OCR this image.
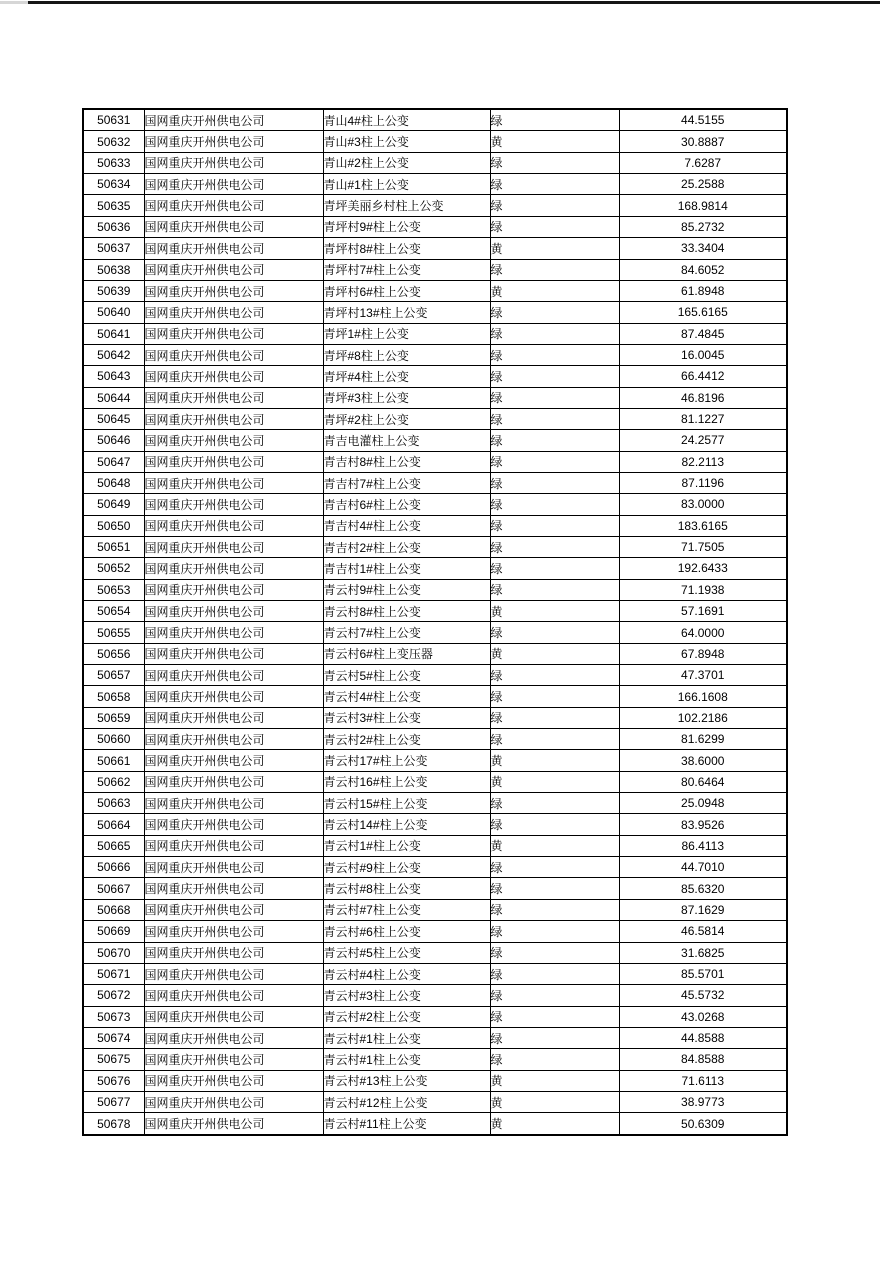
50631	国网重庆开州供电公司	青山4#柱上公变	绿	44.5155
50632	国网重庆开州供电公司	青山#3柱上公变	黄	30.8887
50633	国网重庆开州供电公司	青山#2柱上公变	绿	7.6287
50634	国网重庆开州供电公司	青山#1柱上公变	绿	25.2588
50635	国网重庆开州供电公司	青坪美丽乡村柱上公变	绿	168.9814
50636	国网重庆开州供电公司	青坪村9#柱上公变	绿	85.2732
50637	国网重庆开州供电公司	青坪村8#柱上公变	黄	33.3404
50638	国网重庆开州供电公司	青坪村7#柱上公变	绿	84.6052
50639	国网重庆开州供电公司	青坪村6#柱上公变	黄	61.8948
50640	国网重庆开州供电公司	青坪村13#柱上公变	绿	165.6165
50641	国网重庆开州供电公司	青坪1#柱上公变	绿	87.4845
50642	国网重庆开州供电公司	青坪#8柱上公变	绿	16.0045
50643	国网重庆开州供电公司	青坪#4柱上公变	绿	66.4412
50644	国网重庆开州供电公司	青坪#3柱上公变	绿	46.8196
50645	国网重庆开州供电公司	青坪#2柱上公变	绿	81.1227
50646	国网重庆开州供电公司	青吉电灌柱上公变	绿	24.2577
50647	国网重庆开州供电公司	青吉村8#柱上公变	绿	82.2113
50648	国网重庆开州供电公司	青吉村7#柱上公变	绿	87.1196
50649	国网重庆开州供电公司	青吉村6#柱上公变	绿	83.0000
50650	国网重庆开州供电公司	青吉村4#柱上公变	绿	183.6165
50651	国网重庆开州供电公司	青吉村2#柱上公变	绿	71.7505
50652	国网重庆开州供电公司	青吉村1#柱上公变	绿	192.6433
50653	国网重庆开州供电公司	青云村9#柱上公变	绿	71.1938
50654	国网重庆开州供电公司	青云村8#柱上公变	黄	57.1691
50655	国网重庆开州供电公司	青云村7#柱上公变	绿	64.0000
50656	国网重庆开州供电公司	青云村6#柱上变压器	黄	67.8948
50657	国网重庆开州供电公司	青云村5#柱上公变	绿	47.3701
50658	国网重庆开州供电公司	青云村4#柱上公变	绿	166.1608
50659	国网重庆开州供电公司	青云村3#柱上公变	绿	102.2186
50660	国网重庆开州供电公司	青云村2#柱上公变	绿	81.6299
50661	国网重庆开州供电公司	青云村17#柱上公变	黄	38.6000
50662	国网重庆开州供电公司	青云村16#柱上公变	黄	80.6464
50663	国网重庆开州供电公司	青云村15#柱上公变	绿	25.0948
50664	国网重庆开州供电公司	青云村14#柱上公变	绿	83.9526
50665	国网重庆开州供电公司	青云村1#柱上公变	黄	86.4113
50666	国网重庆开州供电公司	青云村#9柱上公变	绿	44.7010
50667	国网重庆开州供电公司	青云村#8柱上公变	绿	85.6320
50668	国网重庆开州供电公司	青云村#7柱上公变	绿	87.1629
50669	国网重庆开州供电公司	青云村#6柱上公变	绿	46.5814
50670	国网重庆开州供电公司	青云村#5柱上公变	绿	31.6825
50671	国网重庆开州供电公司	青云村#4柱上公变	绿	85.5701
50672	国网重庆开州供电公司	青云村#3柱上公变	绿	45.5732
50673	国网重庆开州供电公司	青云村#2柱上公变	绿	43.0268
50674	国网重庆开州供电公司	青云村#1柱上公变	绿	44.8588
50675	国网重庆开州供电公司	青云村#1柱上公变	绿	84.8588
50676	国网重庆开州供电公司	青云村#13柱上公变	黄	71.6113
50677	国网重庆开州供电公司	青云村#12柱上公变	黄	38.9773
50678	国网重庆开州供电公司	青云村#11柱上公变	黄	50.6309
